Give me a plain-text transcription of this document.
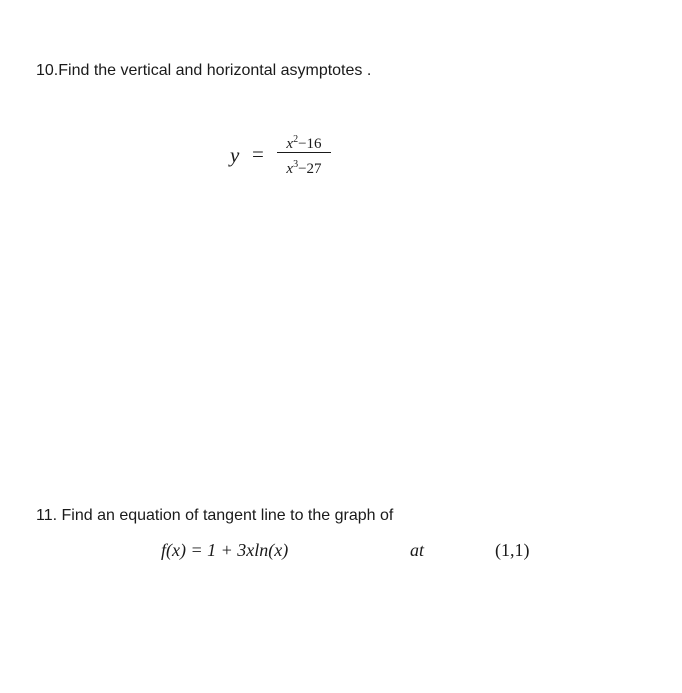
10.Find the vertical and horizontal asymptotes .
y =	$x^2-16$
$x^3-27$
11. Find an equation of tangent line to the graph of
f(x) = 1 + 3xln(x)	at	(1,1)
